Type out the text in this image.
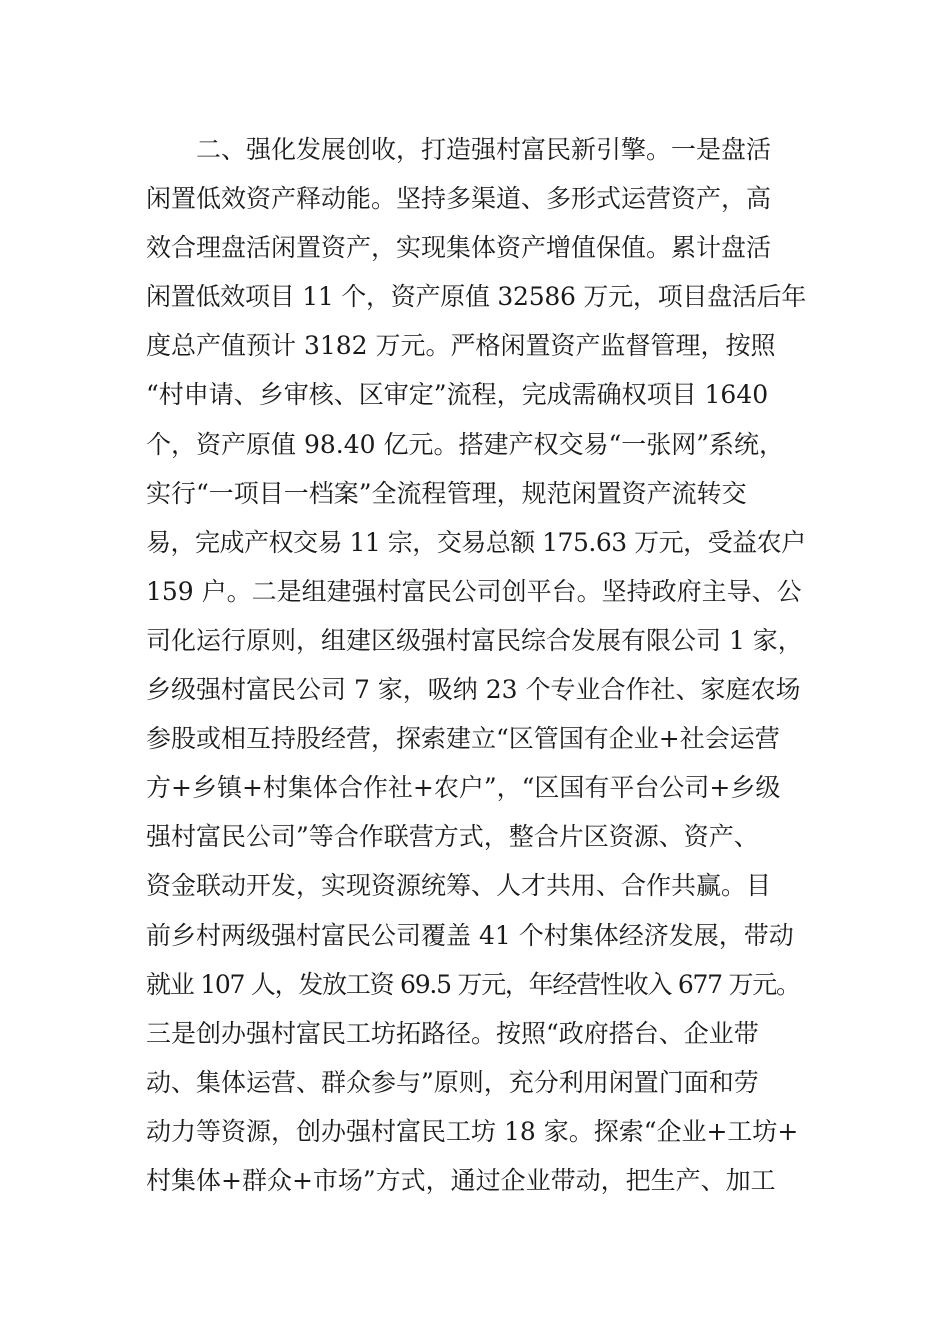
二、强化发展创收，打造强村富民新引擎。一是盘活
闲置低效资产释动能。坚持多渠道、多形式运营资产，高
效合理盘活闲置资产，实现集体资产增值保值。累计盘活
闲置低效项目 11 个，资产原值 32586 万元，项目盘活后年
度总产值预计 3182 万元。严格闲置资产监督管理，按照
“村申请、乡审核、区审定”流程，完成需确权项目 1640
个，资产原值 98.40 亿元。搭建产权交易“一张网”系统，
实行“一项目一档案”全流程管理，规范闲置资产流转交
易，完成产权交易 11 宗，交易总额 175.63 万元，受益农户
159 户。二是组建强村富民公司创平台。坚持政府主导、公
司化运行原则，组建区级强村富民综合发展有限公司 1 家，
乡级强村富民公司 7 家，吸纳 23 个专业合作社、家庭农场
参股或相互持股经营，探索建立“区管国有企业+社会运营
方+乡镇+村集体合作社+农户”，“区国有平台公司+乡级
强村富民公司”等合作联营方式，整合片区资源、资产、
资金联动开发，实现资源统筹、人才共用、合作共赢。目
前乡村两级强村富民公司覆盖 41 个村集体经济发展，带动
就业 107 人，发放工资 69.5 万元，年经营性收入 677 万元。
三是创办强村富民工坊拓路径。按照“政府搭台、企业带
动、集体运营、群众参与”原则，充分利用闲置门面和劳
动力等资源，创办强村富民工坊 18 家。探索“企业+工坊+
村集体+群众+市场”方式，通过企业带动，把生产、加工
